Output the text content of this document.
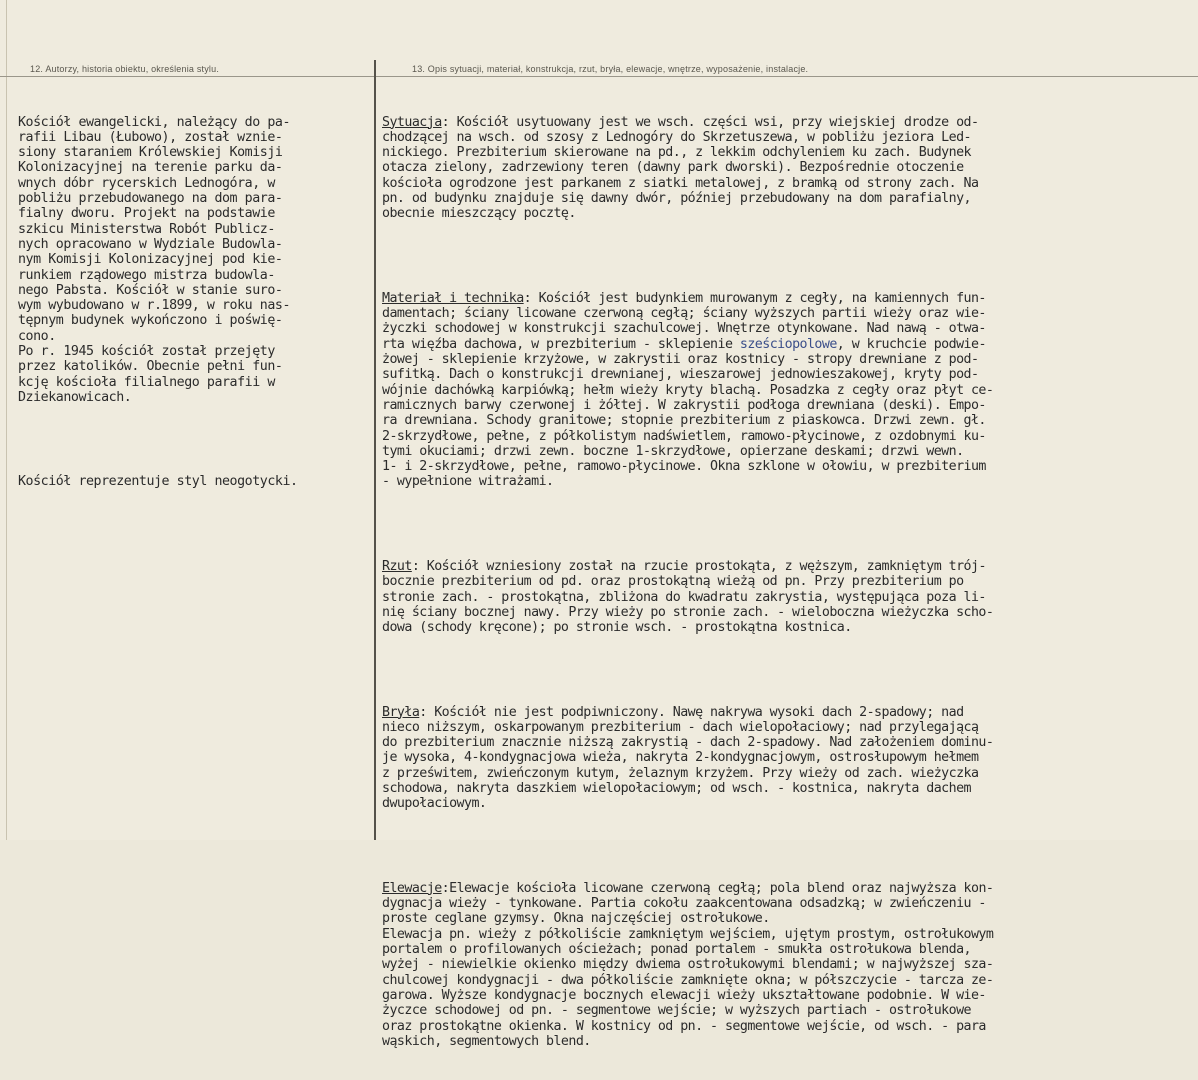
12. Autorzy, historia obiektu, określenia stylu.	13. Opis sytuacji, materiał, konstrukcja, rzut, bryła, elewacje, wnętrze, wyposażenie, instalacje.

Kościół ewangelicki, należący do pa-
rafii Libau (Łubowo), został wznie-
siony staraniem Królewskiej Komisji
Kolonizacyjnej na terenie parku da-
wnych dóbr rycerskich Lednogóra, w
pobliżu przebudowanego na dom para-
fialny dworu. Projekt na podstawie
szkicu Ministerstwa Robót Publicz-
nych opracowano w Wydziale Budowla-
nym Komisji Kolonizacyjnej pod kie-
runkiem rządowego mistrza budowla-
nego Pabsta. Kościół w stanie suro-
wym wybudowano w r.1899, w roku nas-
tępnym budynek wykończono i poświę-
cono.
Po r. 1945 kościół został przejęty
przez katolików. Obecnie pełni fun-
kcję kościoła filialnego parafii w
Dziekanowicach.

Kościół reprezentuje styl neogotycki.

Sytuacja: Kościół usytuowany jest we wsch. części wsi, przy wiejskiej drodze od-
chodzącej na wsch. od szosy z Lednogóry do Skrzetuszewa, w pobliżu jeziora Led-
nickiego. Prezbiterium skierowane na pd., z lekkim odchyleniem ku zach. Budynek
otacza zielony, zadrzewiony teren (dawny park dworski). Bezpośrednie otoczenie
kościoła ogrodzone jest parkanem z siatki metalowej, z bramką od strony zach. Na
pn. od budynku znajduje się dawny dwór, później przebudowany na dom parafialny,
obecnie mieszczący pocztę.

Materiał i technika: Kościół jest budynkiem murowanym z cegły, na kamiennych fun-
damentach; ściany licowane czerwoną cegłą; ściany wyższych partii wieży oraz wie-
życzki schodowej w konstrukcji szachulcowej. Wnętrze otynkowane. Nad nawą - otwa-
rta więźba dachowa, w prezbiterium - sklepienie sześciopolowe, w kruchcie podwie-
żowej - sklepienie krzyżowe, w zakrystii oraz kostnicy - stropy drewniane z pod-
sufitką. Dach o konstrukcji drewnianej, wieszarowej jednowieszakowej, kryty pod-
wójnie dachówką karpiówką; hełm wieży kryty blachą. Posadzka z cegły oraz płyt ce-
ramicznych barwy czerwonej i żółtej. W zakrystii podłoga drewniana (deski). Empo-
ra drewniana. Schody granitowe; stopnie prezbiterium z piaskowca. Drzwi zewn. gł.
2-skrzydłowe, pełne, z półkolistym nadświetlem, ramowo-płycinowe, z ozdobnymi ku-
tymi okuciami; drzwi zewn. boczne 1-skrzydłowe, opierzane deskami; drzwi wewn.
1- i 2-skrzydłowe, pełne, ramowo-płycinowe. Okna szklone w ołowiu, w prezbiterium
- wypełnione witrażami.

Rzut: Kościół wzniesiony został na rzucie prostokąta, z węższym, zamkniętym trój-
bocznie prezbiterium od pd. oraz prostokątną wieżą od pn. Przy prezbiterium po
stronie zach. - prostokątna, zbliżona do kwadratu zakrystia, występująca poza li-
nię ściany bocznej nawy. Przy wieży po stronie zach. - wieloboczna wieżyczka scho-
dowa (schody kręcone); po stronie wsch. - prostokątna kostnica.

Bryła: Kościół nie jest podpiwniczony. Nawę nakrywa wysoki dach 2-spadowy; nad
nieco niższym, oskarpowanym prezbiterium - dach wielopołaciowy; nad przylegającą
do prezbiterium znacznie niższą zakrystią - dach 2-spadowy. Nad założeniem dominu-
je wysoka, 4-kondygnacjowa wieża, nakryta 2-kondygnacjowym, ostrosłupowym hełmem
z prześwitem, zwieńczonym kutym, żelaznym krzyżem. Przy wieży od zach. wieżyczka
schodowa, nakryta daszkiem wielopołaciowym; od wsch. - kostnica, nakryta dachem
dwupołaciowym.

Elewacje:Elewacje kościoła licowane czerwoną cegłą; pola blend oraz najwyższa kon-
dygnacja wieży - tynkowane. Partia cokołu zaakcentowana odsadzką; w zwieńczeniu -
proste ceglane gzymsy. Okna najczęściej ostrołukowe.
Elewacja pn. wieży z półkoliście zamkniętym wejściem, ujętym prostym, ostrołukowym
portalem o profilowanych ościeżach; ponad portalem - smukła ostrołukowa blenda,
wyżej - niewielkie okienko między dwiema ostrołukowymi blendami; w najwyższej sza-
chulcowej kondygnacji - dwa półkoliście zamknięte okna; w półszczycie - tarcza ze-
garowa. Wyższe kondygnacje bocznych elewacji wieży ukształtowane podobnie. W wie-
życzce schodowej od pn. - segmentowe wejście; w wyższych partiach - ostrołukowe
oraz prostokątne okienka. W kostnicy od pn. - segmentowe wejście, od wsch. - para
wąskich, segmentowych blend.
